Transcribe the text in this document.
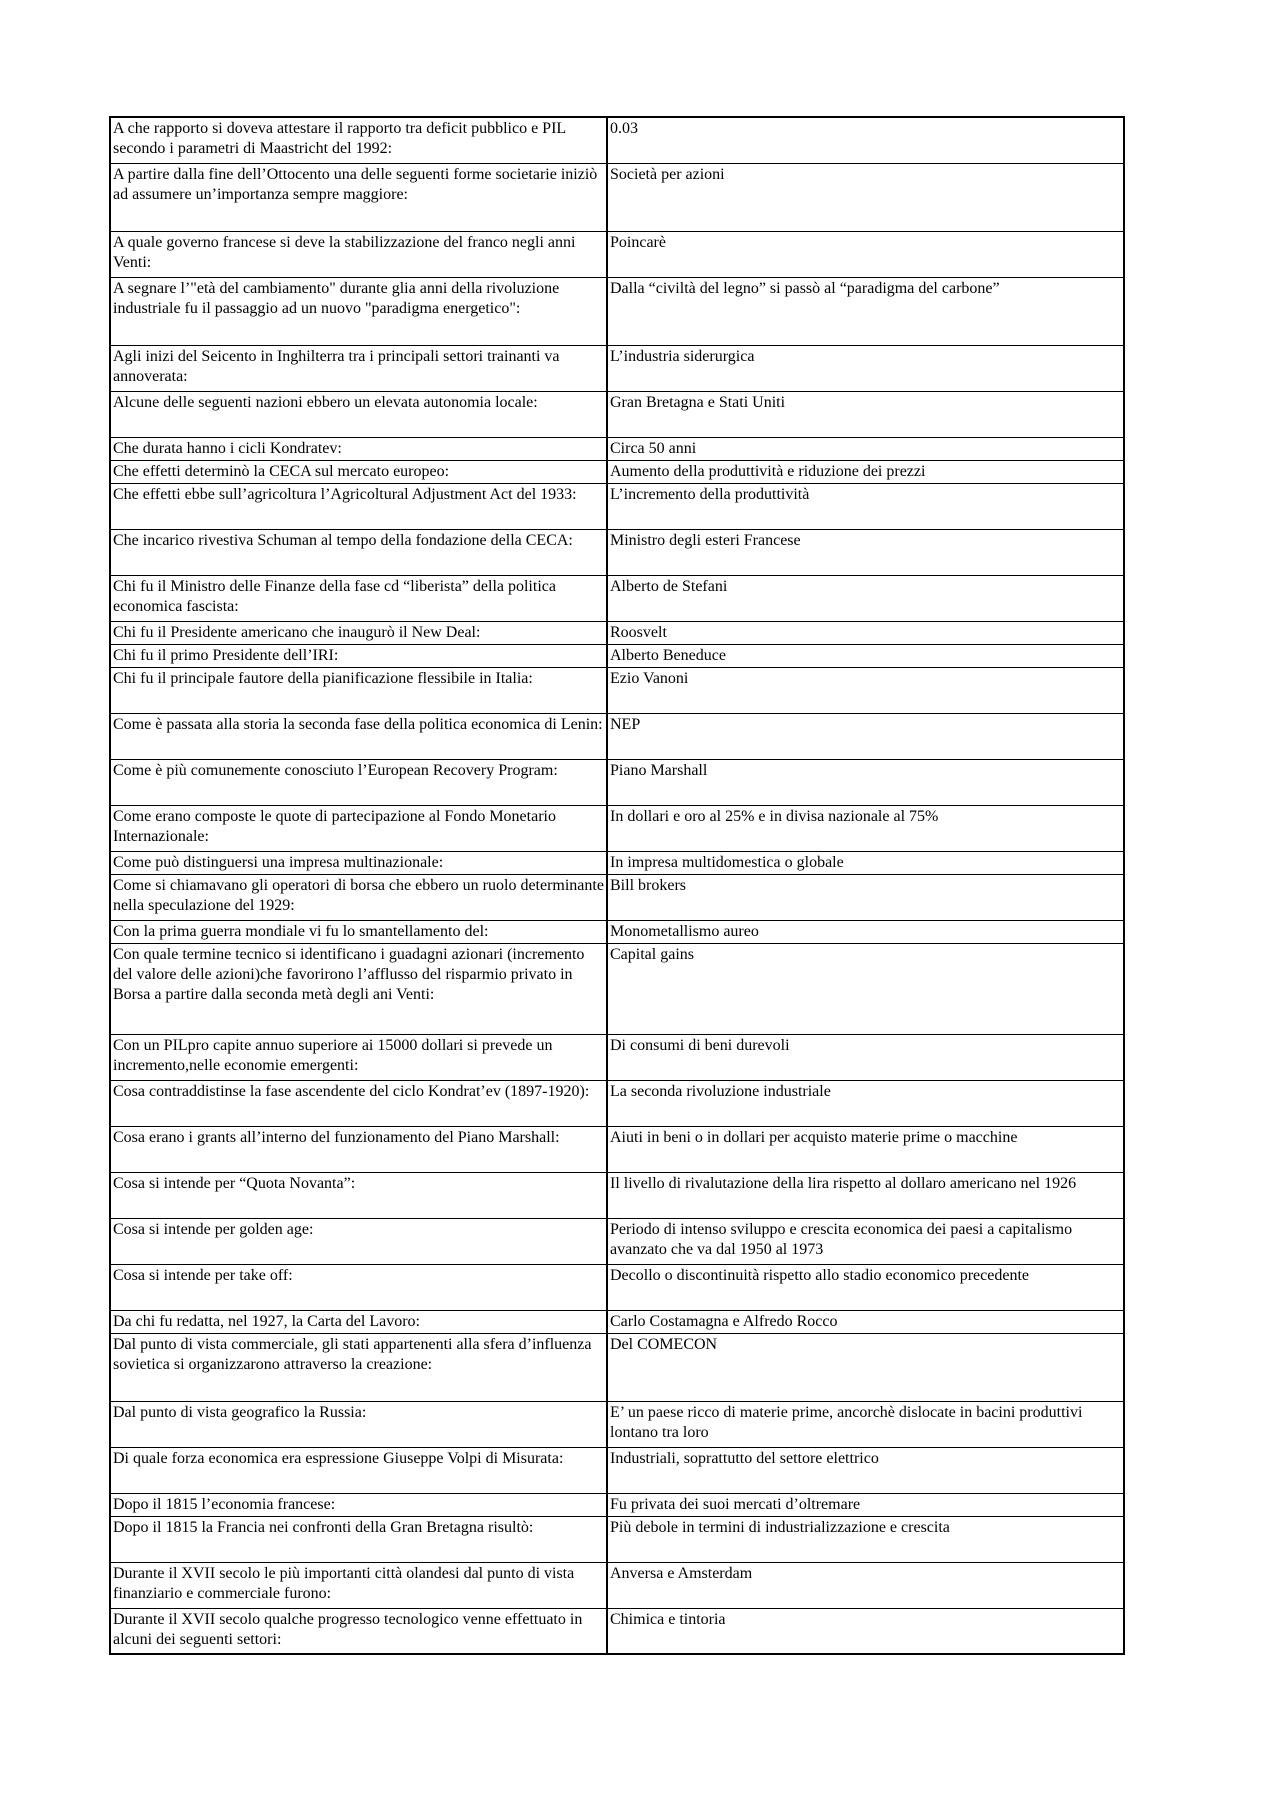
A che rapporto si doveva attestare il rapporto tra deficit pubblico e PIL secondo i parametri di Maastricht del 1992:	0.03
A partire dalla fine dell’Ottocento una delle seguenti forme societarie iniziò ad assumere un’importanza sempre maggiore:	Società per azioni
A quale governo francese si deve la stabilizzazione del franco negli anni Venti:	Poincarè
A segnare l’"età del cambiamento" durante glia anni della rivoluzione industriale fu il passaggio ad un nuovo "paradigma energetico":	Dalla “civiltà del legno” si passò al “paradigma del carbone”
Agli inizi del Seicento in Inghilterra tra i principali settori trainanti va annoverata:	L’industria siderurgica
Alcune delle seguenti nazioni ebbero un elevata autonomia locale:	Gran Bretagna e Stati Uniti
Che durata hanno i cicli Kondratev:	Circa 50 anni
Che effetti determinò la CECA sul mercato europeo:	Aumento della produttività e riduzione dei prezzi
Che effetti ebbe sull’agricoltura l’Agricoltural Adjustment Act del 1933:	L’incremento della produttività
Che incarico rivestiva Schuman al tempo della fondazione della CECA:	Ministro degli esteri Francese
Chi fu il Ministro delle Finanze della fase cd “liberista” della politica economica fascista:	Alberto de Stefani
Chi fu il Presidente americano che inaugurò il New Deal:	Roosvelt
Chi fu il primo Presidente dell’IRI:	Alberto Beneduce
Chi fu il principale fautore della pianificazione flessibile in Italia:	Ezio Vanoni
Come è passata alla storia la seconda fase della politica economica di Lenin:	NEP
Come è più comunemente conosciuto l’European Recovery Program:	Piano Marshall
Come erano composte le quote di partecipazione al Fondo Monetario Internazionale:	In dollari e oro al 25% e in divisa nazionale al 75%
Come può distinguersi una impresa multinazionale:	In impresa multidomestica o globale
Come si chiamavano gli operatori di borsa che ebbero un ruolo determinante nella speculazione del 1929:	Bill brokers
Con la prima guerra mondiale vi fu lo smantellamento del:	Monometallismo aureo
Con quale termine tecnico si identificano i guadagni azionari (incremento del valore delle azioni)che favorirono l’afflusso del risparmio privato in Borsa a partire dalla seconda metà degli ani Venti:	Capital gains
Con un PILpro capite annuo superiore ai 15000 dollari si prevede un incremento,nelle economie emergenti:	Di consumi di beni durevoli
Cosa contraddistinse la fase ascendente del ciclo Kondrat’ev (1897-1920):	La seconda rivoluzione industriale
Cosa erano i grants all’interno del funzionamento del Piano Marshall:	Aiuti in beni o in dollari per acquisto materie prime o macchine
Cosa si intende per “Quota Novanta”:	Il livello di rivalutazione della lira rispetto al dollaro americano nel 1926
Cosa si intende per golden age:	Periodo di intenso sviluppo e crescita economica dei paesi a capitalismo avanzato che va dal 1950 al 1973
Cosa si intende per take off:	Decollo o discontinuità rispetto allo stadio economico precedente
Da chi fu redatta, nel 1927, la Carta del Lavoro:	Carlo Costamagna e Alfredo Rocco
Dal punto di vista commerciale, gli stati appartenenti alla sfera d’influenza sovietica si organizzarono attraverso la creazione:	Del COMECON
Dal punto di vista geografico la Russia:	E’ un paese ricco di materie prime, ancorchè dislocate in bacini produttivi lontano tra loro
Di quale forza economica era espressione Giuseppe Volpi di Misurata:	Industriali, soprattutto del settore elettrico
Dopo il 1815 l’economia francese:	Fu privata dei suoi mercati d’oltremare
Dopo il 1815 la Francia nei confronti della Gran Bretagna risultò:	Più debole in termini di industrializzazione e crescita
Durante il XVII secolo le più importanti città olandesi dal punto di vista finanziario e commerciale furono:	Anversa e Amsterdam
Durante il XVII secolo qualche progresso tecnologico venne effettuato in alcuni dei seguenti settori:	Chimica e tintoria
